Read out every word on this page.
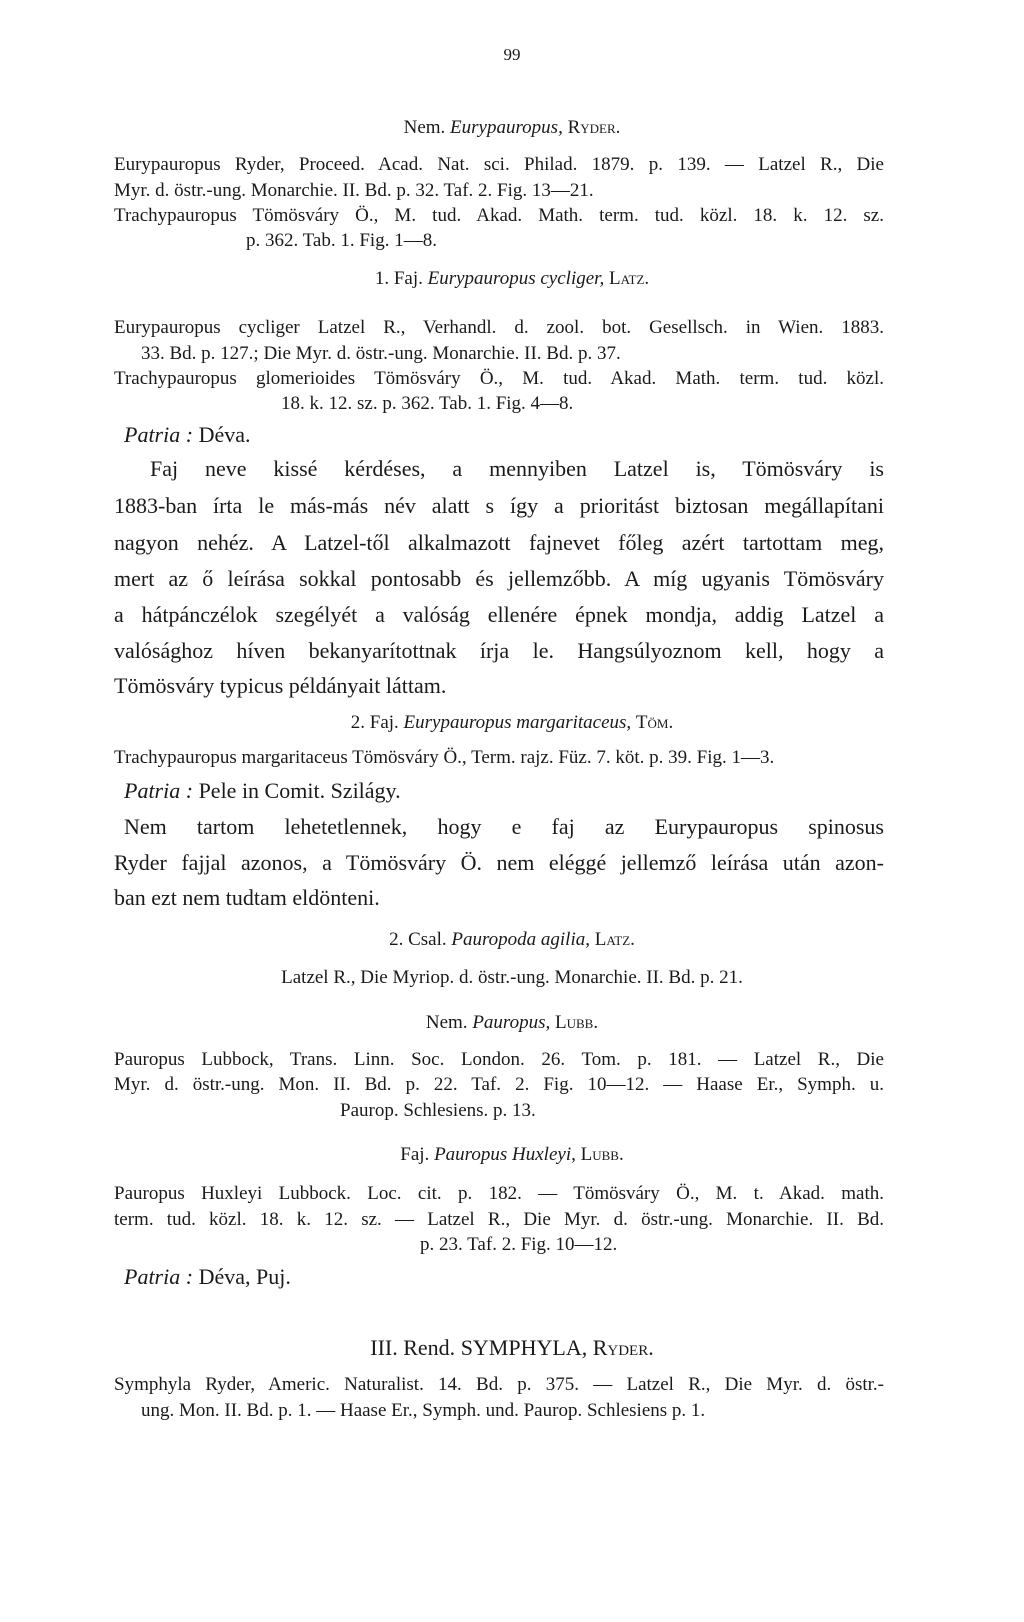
99
Nem. Eurypauropus, Ryder.
Eurypauropus Ryder, Proceed. Acad. Nat. sci. Philad. 1879. p. 139. — Latzel R., Die
Myr. d. östr.-ung. Monarchie. II. Bd. p. 32. Taf. 2. Fig. 13—21.
Trachypauropus Tömösváry Ö., M. tud. Akad. Math. term. tud. közl. 18. k. 12. sz.
p. 362. Tab. 1. Fig. 1—8.
1. Faj. Eurypauropus cycliger, Latz.
Eurypauropus cycliger Latzel R., Verhandl. d. zool. bot. Gesellsch. in Wien. 1883.
33. Bd. p. 127.; Die Myr. d. östr.-ung. Monarchie. II. Bd. p. 37.
Trachypauropus glomerioides Tömösváry Ö., M. tud. Akad. Math. term. tud. közl.
18. k. 12. sz. p. 362. Tab. 1. Fig. 4—8.
Patria : Déva.
Faj neve kissé kérdéses, a mennyiben Latzel is, Tömösváry is
1883-ban írta le más-más név alatt s így a prioritást biztosan megállapítani
nagyon nehéz. A Latzel-től alkalmazott fajnevet főleg azért tartottam meg,
mert az ő leírása sokkal pontosabb és jellemzőbb. A míg ugyanis Tömösváry
a hátpánczélok szegélyét a valóság ellenére épnek mondja, addig Latzel a
valósághoz híven bekanyarítottnak írja le. Hangsúlyoznom kell, hogy a
Tömösváry typicus példányait láttam.
2. Faj. Eurypauropus margaritaceus, Töm.
Trachypauropus margaritaceus Tömösváry Ö., Term. rajz. Füz. 7. köt. p. 39. Fig. 1—3.
Patria : Pele in Comit. Szilágy.
Nem tartom lehetetlennek, hogy e faj az Eurypauropus spinosus
Ryder fajjal azonos, a Tömösváry Ö. nem eléggé jellemző leírása után azon-
ban ezt nem tudtam eldönteni.
2. Csal. Pauropoda agilia, Latz.
Latzel R., Die Myriop. d. östr.-ung. Monarchie. II. Bd. p. 21.
Nem. Pauropus, Lubb.
Pauropus Lubbock, Trans. Linn. Soc. London. 26. Tom. p. 181. — Latzel R., Die
Myr. d. östr.-ung. Mon. II. Bd. p. 22. Taf. 2. Fig. 10—12. — Haase Er., Symph. u.
Paurop. Schlesiens. p. 13.
Faj. Pauropus Huxleyi, Lubb.
Pauropus Huxleyi Lubbock. Loc. cit. p. 182. — Tömösváry Ö., M. t. Akad. math.
term. tud. közl. 18. k. 12. sz. — Latzel R., Die Myr. d. östr.-ung. Monarchie. II. Bd.
p. 23. Taf. 2. Fig. 10—12.
Patria : Déva, Puj.
III. Rend. SYMPHYLA, Ryder.
Symphyla Ryder, Americ. Naturalist. 14. Bd. p. 375. — Latzel R., Die Myr. d. östr.-
ung. Mon. II. Bd. p. 1. — Haase Er., Symph. und. Paurop. Schlesiens p. 1.
